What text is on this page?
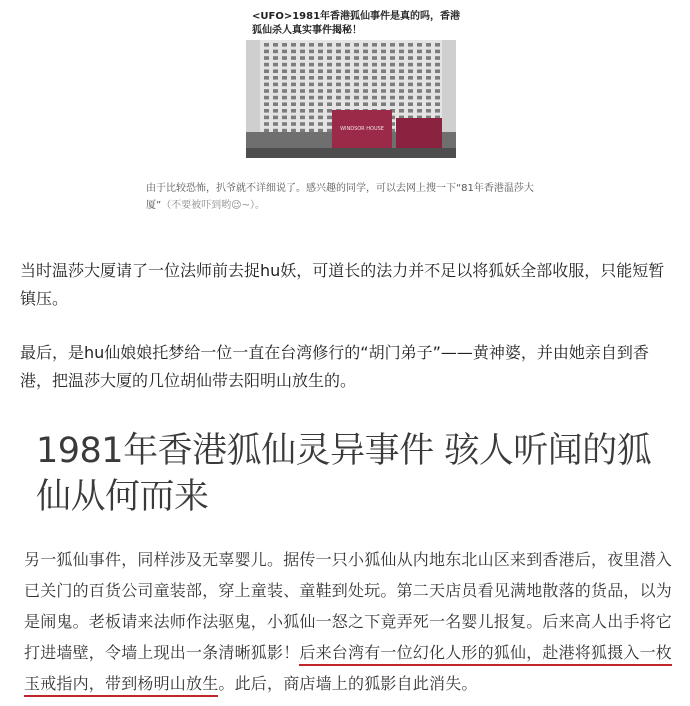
<UFO>1981年香港狐仙事件是真的吗，香港狐仙杀人真实事件揭秘！
WINDSOR HOUSE
由于比较恐怖，扒爷就不详细说了。感兴趣的同学，可以去网上搜一下“81年香港温莎大厦”（不要被吓到哟😉~）。
当时温莎大厦请了一位法师前去捉hu妖，可道长的法力并不足以将狐妖全部收服，只能短暂镇压。
最后，是hu仙娘娘托梦给一位一直在台湾修行的“胡门弟子”——黄神婆，并由她亲自到香港，把温莎大厦的几位胡仙带去阳明山放生的。
1981年香港狐仙灵异事件 骇人听闻的狐仙从何而来
另一狐仙事件，同样涉及无辜婴儿。据传一只小狐仙从内地东北山区来到香港后，夜里潜入已关门的百货公司童装部，穿上童装、童鞋到处玩。第二天店员看见满地散落的货品，以为是闹鬼。老板请来法师作法驱鬼，小狐仙一怒之下竟弄死一名婴儿报复。后来高人出手将它打进墙壁，令墙上现出一条清晰狐影！后来台湾有一位幻化人形的狐仙，赴港将狐摄入一枚玉戒指内，带到杨明山放生。此后，商店墙上的狐影自此消失。
